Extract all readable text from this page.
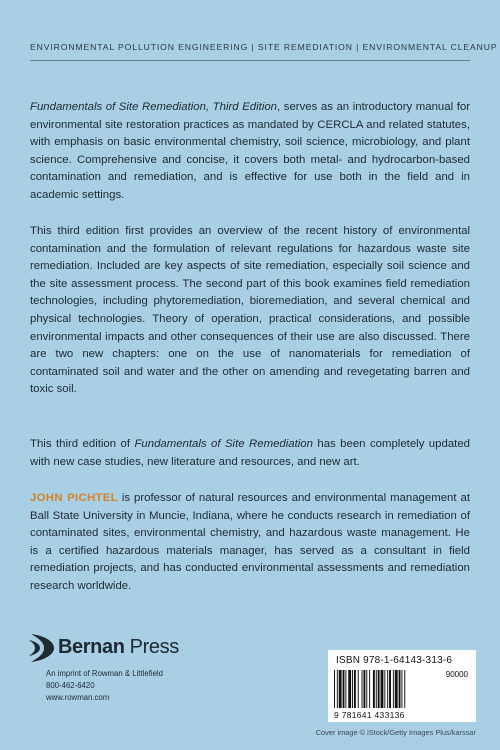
ENVIRONMENTAL POLLUTION ENGINEERING | SITE REMEDIATION | ENVIRONMENTAL CLEANUP

Fundamentals of Site Remediation, Third Edition, serves as an introductory manual for environmental site restoration practices as mandated by CERCLA and related statutes, with emphasis on basic environmental chemistry, soil science, microbiology, and plant science. Comprehensive and concise, it covers both metal- and hydrocarbon-based contamination and remediation, and is effective for use both in the field and in academic settings.

This third edition first provides an overview of the recent history of environmental contamination and the formulation of relevant regulations for hazardous waste site remediation. Included are key aspects of site remediation, especially soil science and the site assessment process. The second part of this book examines field remediation technologies, including phytoremediation, bioremediation, and several chemical and physical technologies. Theory of operation, practical considerations, and possible environmental impacts and other consequences of their use are also discussed. There are two new chapters: one on the use of nanomaterials for remediation of contaminated soil and water and the other on amending and revegetating barren and toxic soil.

This third edition of Fundamentals of Site Remediation has been completely updated with new case studies, new literature and resources, and new art.

JOHN PICHTEL is professor of natural resources and environmental management at Ball State University in Muncie, Indiana, where he conducts research in remediation of contaminated sites, environmental chemistry, and hazardous waste management. He is a certified hazardous materials manager, has served as a consultant in field remediation projects, and has conducted environmental assessments and remediation research worldwide.

Bernan Press
An imprint of Rowman & Littlefield
800-462-6420
www.rowman.com
ISBN 978-1-64143-313-6
90000
9 781641 433136
Cover image © iStock/Getty Images Plus/karssar
